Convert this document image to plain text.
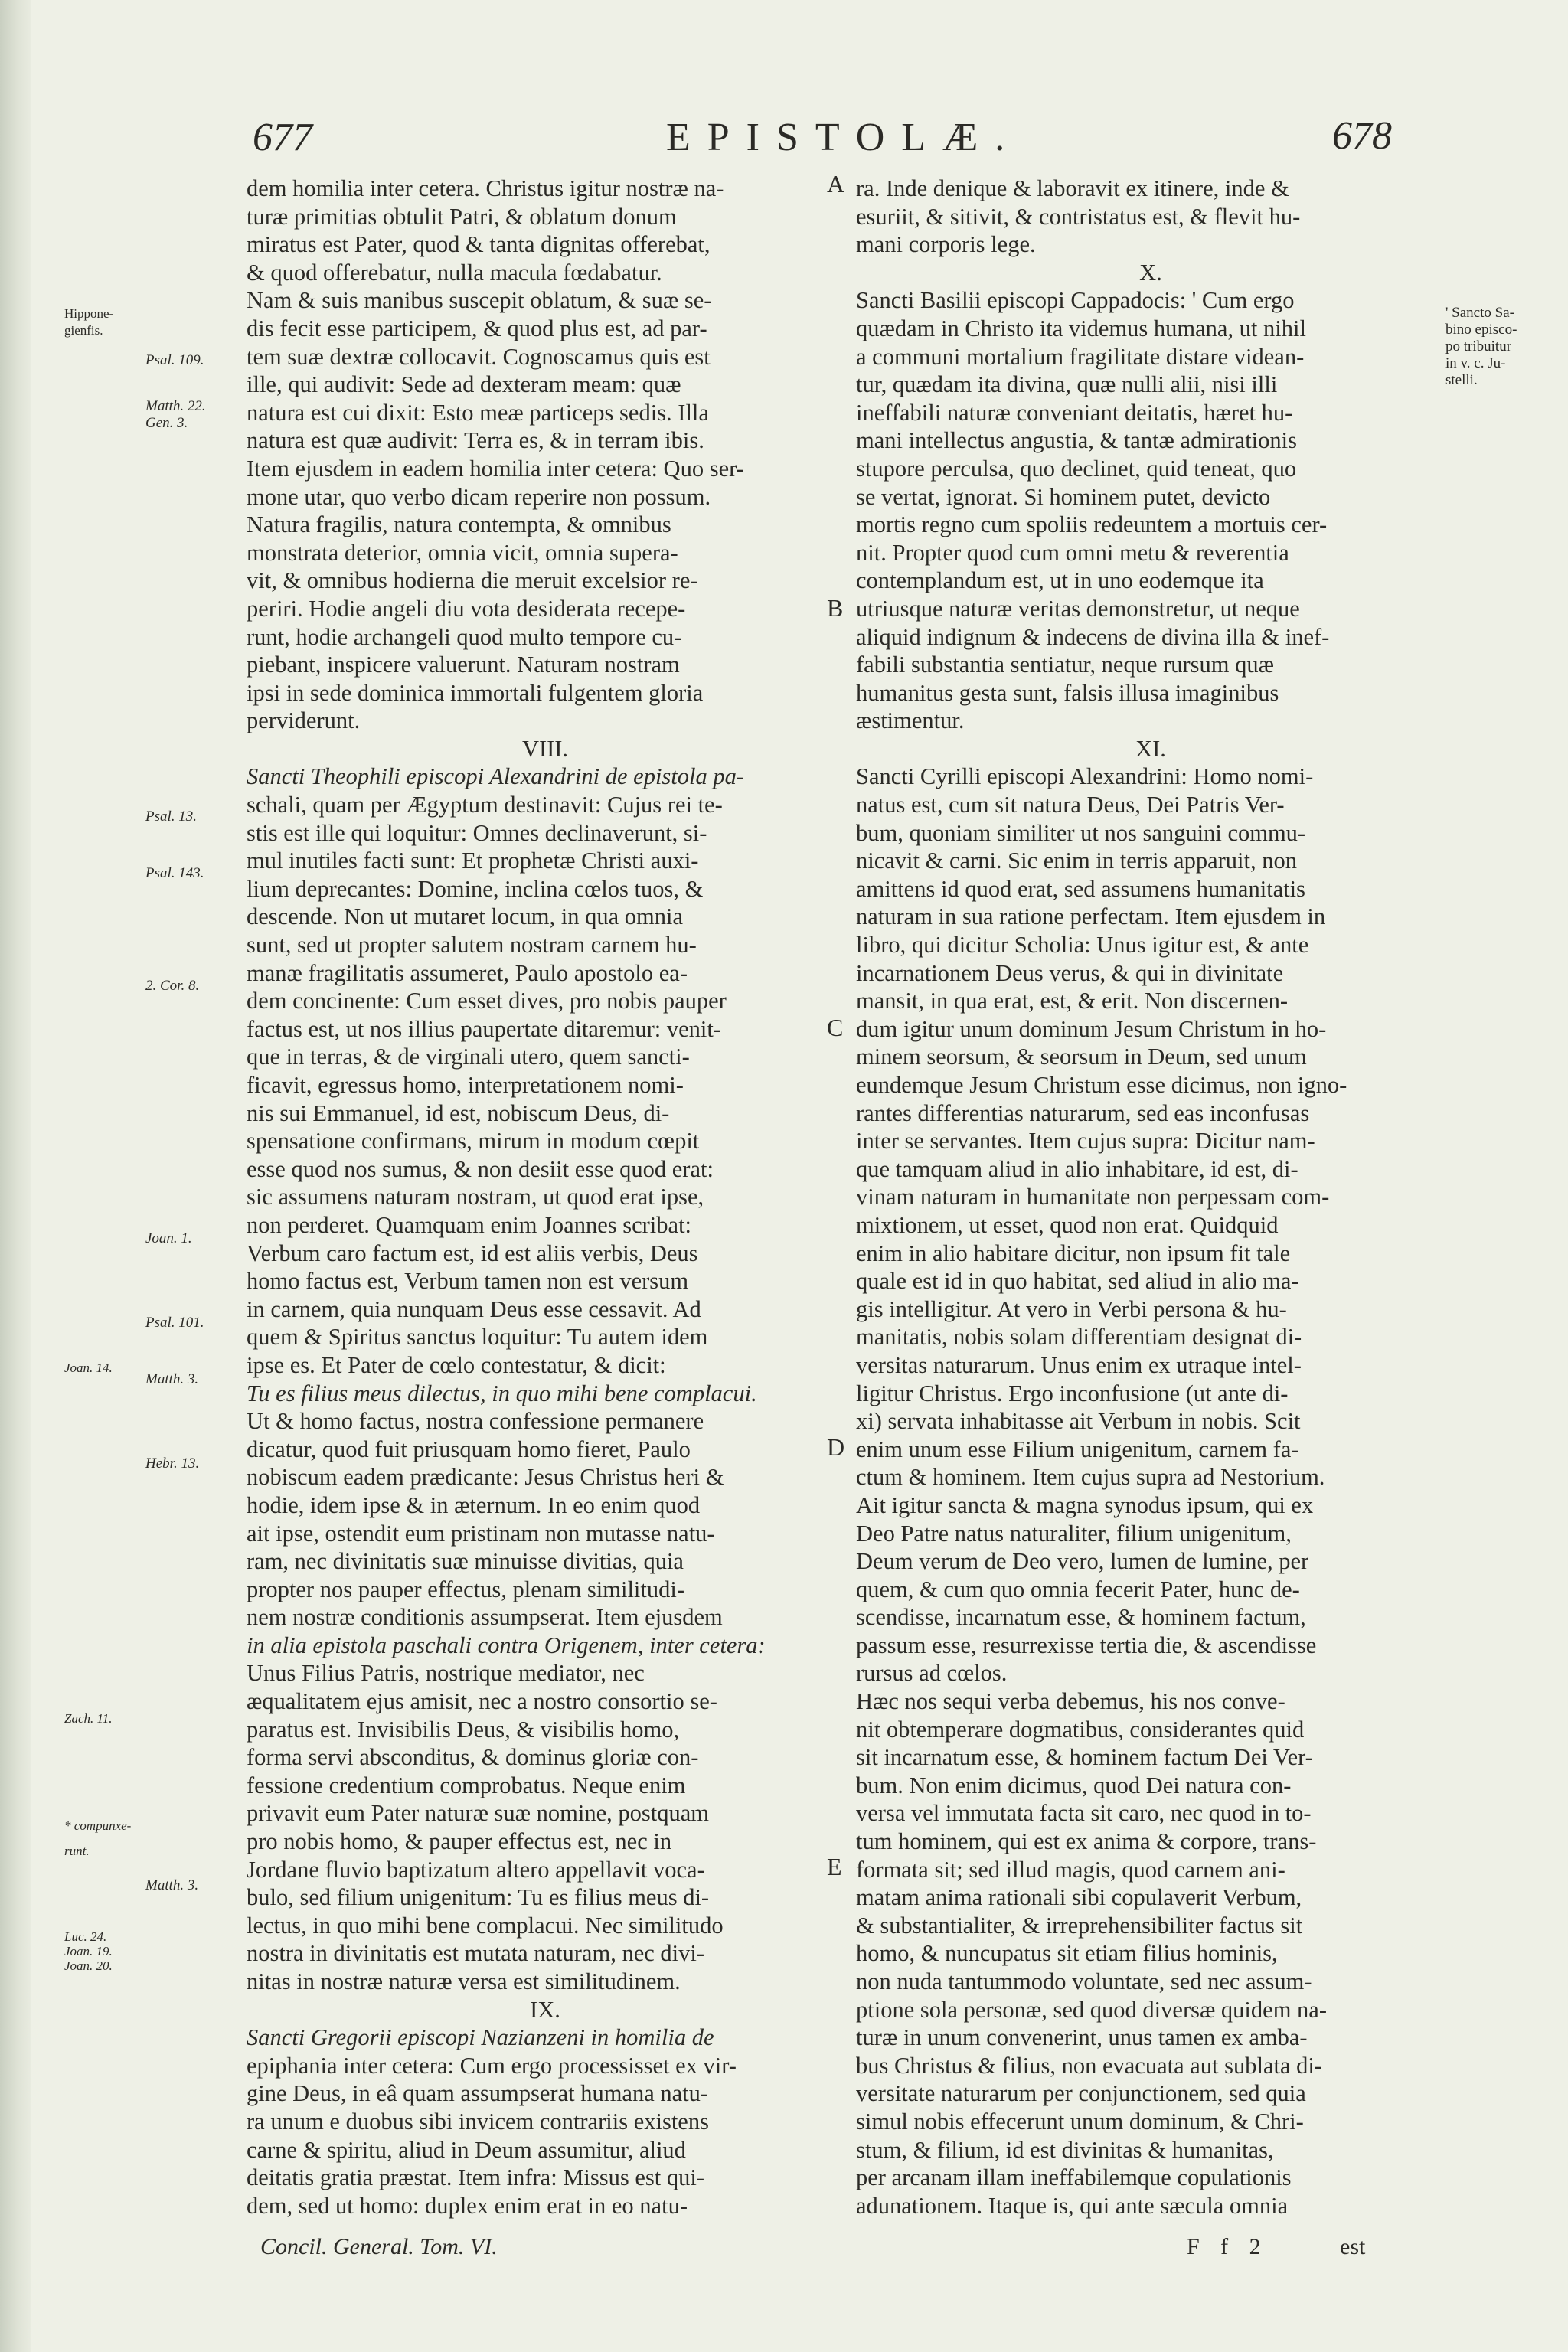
677	EPISTOLÆ.	678
Hippone-
gienfis.
Joan. 14.
Zach. 11.
* compunxe-
runt.
Luc. 24.
Joan. 19.
Joan. 20.
Psal. 109.
Matth. 22.
Gen. 3.
Psal. 13.
Psal. 143.
2. Cor. 8.
Joan. 1.
Psal. 101.
Matth. 3.
Hebr. 13.
Matth. 3.
dem homilia inter cetera. Christus igitur nostræ na-
turæ primitias obtulit Patri, & oblatum donum
miratus est Pater, quod & tanta dignitas offerebat,
& quod offerebatur, nulla macula fœdabatur.
Nam & suis manibus suscepit oblatum, & suæ se-
dis fecit esse participem, & quod plus est, ad par-
tem suæ dextræ collocavit. Cognoscamus quis est
ille, qui audivit: Sede ad dexteram meam: quæ
natura est cui dixit: Esto meæ particeps sedis. Illa
natura est quæ audivit: Terra es, & in terram ibis.
Item ejusdem in eadem homilia inter cetera: Quo ser-
mone utar, quo verbo dicam reperire non possum.
Natura fragilis, natura contempta, & omnibus
monstrata deterior, omnia vicit, omnia supera-
vit, & omnibus hodierna die meruit excelsior re-
periri. Hodie angeli diu vota desiderata recepe-
runt, hodie archangeli quod multo tempore cu-
piebant, inspicere valuerunt. Naturam nostram
ipsi in sede dominica immortali fulgentem gloria
perviderunt.
VIII.
Sancti Theophili episcopi Alexandrini de epistola pa-
schali, quam per Ægyptum destinavit: Cujus rei te-
stis est ille qui loquitur: Omnes declinaverunt, si-
mul inutiles facti sunt: Et prophetæ Christi auxi-
lium deprecantes: Domine, inclina cœlos tuos, &
descende. Non ut mutaret locum, in qua omnia
sunt, sed ut propter salutem nostram carnem hu-
manæ fragilitatis assumeret, Paulo apostolo ea-
dem concinente: Cum esset dives, pro nobis pauper
factus est, ut nos illius paupertate ditaremur: venit-
que in terras, & de virginali utero, quem sancti-
ficavit, egressus homo, interpretationem nomi-
nis sui Emmanuel, id est, nobiscum Deus, di-
spensatione confirmans, mirum in modum cœpit
esse quod nos sumus, & non desiit esse quod erat:
sic assumens naturam nostram, ut quod erat ipse,
non perderet. Quamquam enim Joannes scribat:
Verbum caro factum est, id est aliis verbis, Deus
homo factus est, Verbum tamen non est versum
in carnem, quia nunquam Deus esse cessavit. Ad
quem & Spiritus sanctus loquitur: Tu autem idem
ipse es. Et Pater de cœlo contestatur, & dicit:
Tu es filius meus dilectus, in quo mihi bene complacui.
Ut & homo factus, nostra confessione permanere
dicatur, quod fuit priusquam homo fieret, Paulo
nobiscum eadem prædicante: Jesus Christus heri &
hodie, idem ipse & in æternum. In eo enim quod
ait ipse, ostendit eum pristinam non mutasse natu-
ram, nec divinitatis suæ minuisse divitias, quia
propter nos pauper effectus, plenam similitudi-
nem nostræ conditionis assumpserat. Item ejusdem
in alia epistola paschali contra Origenem, inter cetera:
Unus Filius Patris, nostrique mediator, nec
æqualitatem ejus amisit, nec a nostro consortio se-
paratus est. Invisibilis Deus, & visibilis homo,
forma servi absconditus, & dominus gloriæ con-
fessione credentium comprobatus. Neque enim
privavit eum Pater naturæ suæ nomine, postquam
pro nobis homo, & pauper effectus est, nec in
Jordane fluvio baptizatum altero appellavit voca-
bulo, sed filium unigenitum: Tu es filius meus di-
lectus, in quo mihi bene complacui. Nec similitudo
nostra in divinitatis est mutata naturam, nec divi-
nitas in nostræ naturæ versa est similitudinem.
IX.
Sancti Gregorii episcopi Nazianzeni in homilia de
epiphania inter cetera: Cum ergo processisset ex vir-
gine Deus, in eâ quam assumpserat humana natu-
ra unum e duobus sibi invicem contrariis existens
carne & spiritu, aliud in Deum assumitur, aliud
deitatis gratia præstat. Item infra: Missus est qui-
dem, sed ut homo: duplex enim erat in eo natu-
A
B
C
D
E
ra. Inde denique & laboravit ex itinere, inde &
esuriit, & sitivit, & contristatus est, & flevit hu-
mani corporis lege.
X.
Sancti Basilii episcopi Cappadocis: ' Cum ergo
quædam in Christo ita videmus humana, ut nihil
a communi mortalium fragilitate distare videan-
tur, quædam ita divina, quæ nulli alii, nisi illi
ineffabili naturæ conveniant deitatis, hæret hu-
mani intellectus angustia, & tantæ admirationis
stupore perculsa, quo declinet, quid teneat, quo
se vertat, ignorat. Si hominem putet, devicto
mortis regno cum spoliis redeuntem a mortuis cer-
nit. Propter quod cum omni metu & reverentia
contemplandum est, ut in uno eodemque ita
utriusque naturæ veritas demonstretur, ut neque
aliquid indignum & indecens de divina illa & inef-
fabili substantia sentiatur, neque rursum quæ
humanitus gesta sunt, falsis illusa imaginibus
æstimentur.
XI.
Sancti Cyrilli episcopi Alexandrini: Homo nomi-
natus est, cum sit natura Deus, Dei Patris Ver-
bum, quoniam similiter ut nos sanguini commu-
nicavit & carni. Sic enim in terris apparuit, non
amittens id quod erat, sed assumens humanitatis
naturam in sua ratione perfectam. Item ejusdem in
libro, qui dicitur Scholia: Unus igitur est, & ante
incarnationem Deus verus, & qui in divinitate
mansit, in qua erat, est, & erit. Non discernen-
dum igitur unum dominum Jesum Christum in ho-
minem seorsum, & seorsum in Deum, sed unum
eundemque Jesum Christum esse dicimus, non igno-
rantes differentias naturarum, sed eas inconfusas
inter se servantes. Item cujus supra: Dicitur nam-
que tamquam aliud in alio inhabitare, id est, di-
vinam naturam in humanitate non perpessam com-
mixtionem, ut esset, quod non erat. Quidquid
enim in alio habitare dicitur, non ipsum fit tale
quale est id in quo habitat, sed aliud in alio ma-
gis intelligitur. At vero in Verbi persona & hu-
manitatis, nobis solam differentiam designat di-
versitas naturarum. Unus enim ex utraque intel-
ligitur Christus. Ergo inconfusione (ut ante di-
xi) servata inhabitasse ait Verbum in nobis. Scit
enim unum esse Filium unigenitum, carnem fa-
ctum & hominem. Item cujus supra ad Nestorium.
Ait igitur sancta & magna synodus ipsum, qui ex
Deo Patre natus naturaliter, filium unigenitum,
Deum verum de Deo vero, lumen de lumine, per
quem, & cum quo omnia fecerit Pater, hunc de-
scendisse, incarnatum esse, & hominem factum,
passum esse, resurrexisse tertia die, & ascendisse
rursus ad cœlos.
Hæc nos sequi verba debemus, his nos conve-
nit obtemperare dogmatibus, considerantes quid
sit incarnatum esse, & hominem factum Dei Ver-
bum. Non enim dicimus, quod Dei natura con-
versa vel immutata facta sit caro, nec quod in to-
tum hominem, qui est ex anima & corpore, trans-
formata sit; sed illud magis, quod carnem ani-
matam anima rationali sibi copulaverit Verbum,
& substantialiter, & irreprehensibiliter factus sit
homo, & nuncupatus sit etiam filius hominis,
non nuda tantummodo voluntate, sed nec assum-
ptione sola personæ, sed quod diversæ quidem na-
turæ in unum convenerint, unus tamen ex amba-
bus Christus & filius, non evacuata aut sublata di-
versitate naturarum per conjunctionem, sed quia
simul nobis effecerunt unum dominum, & Chri-
stum, & filium, id est divinitas & humanitas,
per arcanam illam ineffabilemque copulationis
adunationem. Itaque is, qui ante sæcula omnia
' Sancto Sa-
bino episco-
po tribuitur
in v. c. Ju-
stelli.
Concil. General. Tom. VI.	F f 2	est
